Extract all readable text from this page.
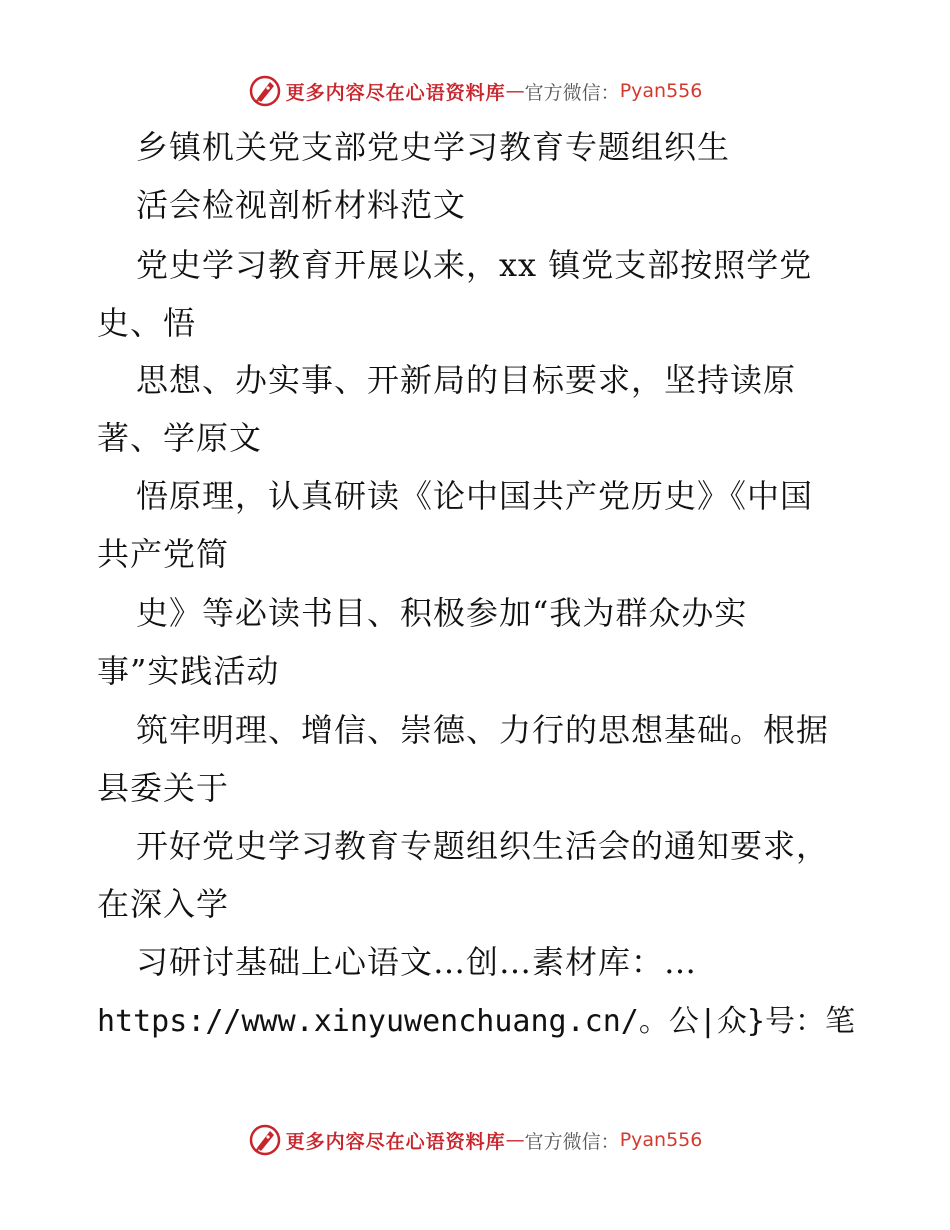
更多内容尽在心语资料库 — 官方微信： Pyan556
乡镇机关党支部党史学习教育专题组织生
活会检视剖析材料范文
党史学习教育开展以来，xx 镇党支部按照学党
史、悟
思想、办实事、开新局的目标要求，坚持读原
著、学原文
悟原理，认真研读《论中国共产党历史》《中国
共产党简
史》等必读书目、积极参加“我为群众办实
事”实践活动
筑牢明理、增信、崇德、力行的思想基础。根据
县委关于
开好党史学习教育专题组织生活会的通知要求，
在深入学
习研讨基础上心语文…创…素材库：…
https://www.xinyuwenchuang.cn/。公|众}号：笔
更多内容尽在心语资料库 — 官方微信： Pyan556
